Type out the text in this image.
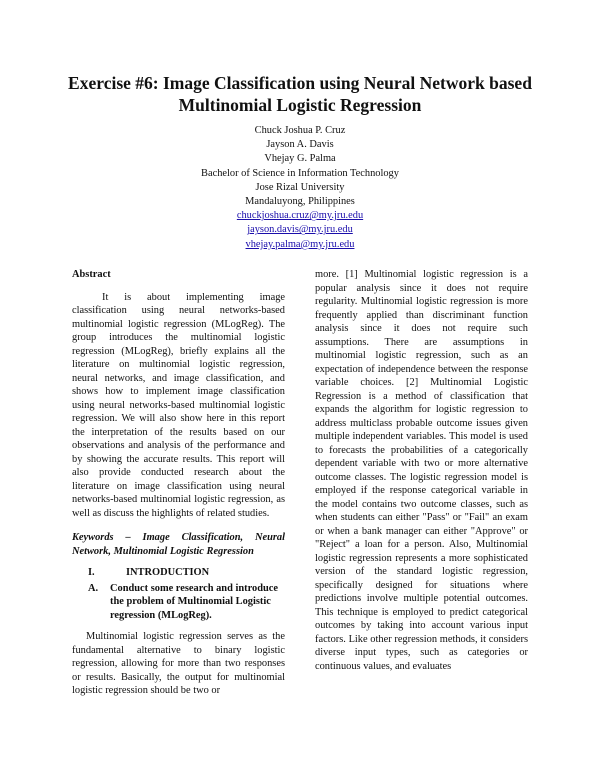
Exercise #6: Image Classification using Neural Network based Multinomial Logistic Regression
Chuck Joshua P. Cruz
Jayson A. Davis
Vhejay G. Palma
Bachelor of Science in Information Technology
Jose Rizal University
Mandaluyong, Philippines
chuckjoshua.cruz@my.jru.edu
jayson.davis@my.jru.edu
vhejay.palma@my.jru.edu

Abstract

It is about implementing image classification using neural networks-based multinomial logistic regression (MLogReg). The group introduces the multinomial logistic regression (MLogReg), briefly explains all the literature on multinomial logistic regression, neural networks, and image classification, and shows how to implement image classification using neural networks-based multinomial logistic regression. We will also show here in this report the interpretation of the results based on our observations and analysis of the performance and by showing the accurate results. This report will also provide conducted research about the literature on image classification using neural networks-based multinomial logistic regression, as well as discuss the highlights of related studies.

Keywords – Image Classification, Neural Network, Multinomial Logistic Regression

I.	INTRODUCTION
A.	Conduct some research and introduce the problem of Multinomial Logistic regression (MLogReg).

Multinomial logistic regression serves as the fundamental alternative to binary logistic regression, allowing for more than two responses or results. Basically, the output for multinomial logistic regression should be two or

more. [1] Multinomial logistic regression is a popular analysis since it does not require regularity. Multinomial logistic regression is more frequently applied than discriminant function analysis since it does not require such assumptions. There are assumptions in multinomial logistic regression, such as an expectation of independence between the response variable choices. [2] Multinomial Logistic Regression is a method of classification that expands the algorithm for logistic regression to address multiclass probable outcome issues given multiple independent variables. This model is used to forecasts the probabilities of a categorically dependent variable with two or more alternative outcome classes. The logistic regression model is employed if the response categorical variable in the model contains two outcome classes, such as when students can either "Pass" or "Fail" an exam or when a bank manager can either "Approve" or "Reject" a loan for a person. Also, Multinomial logistic regression represents a more sophisticated version of the standard logistic regression, specifically designed for situations where predictions involve multiple potential outcomes. This technique is employed to predict categorical outcomes by taking into account various input factors. Like other regression methods, it considers diverse input types, such as categories or continuous values, and evaluates
